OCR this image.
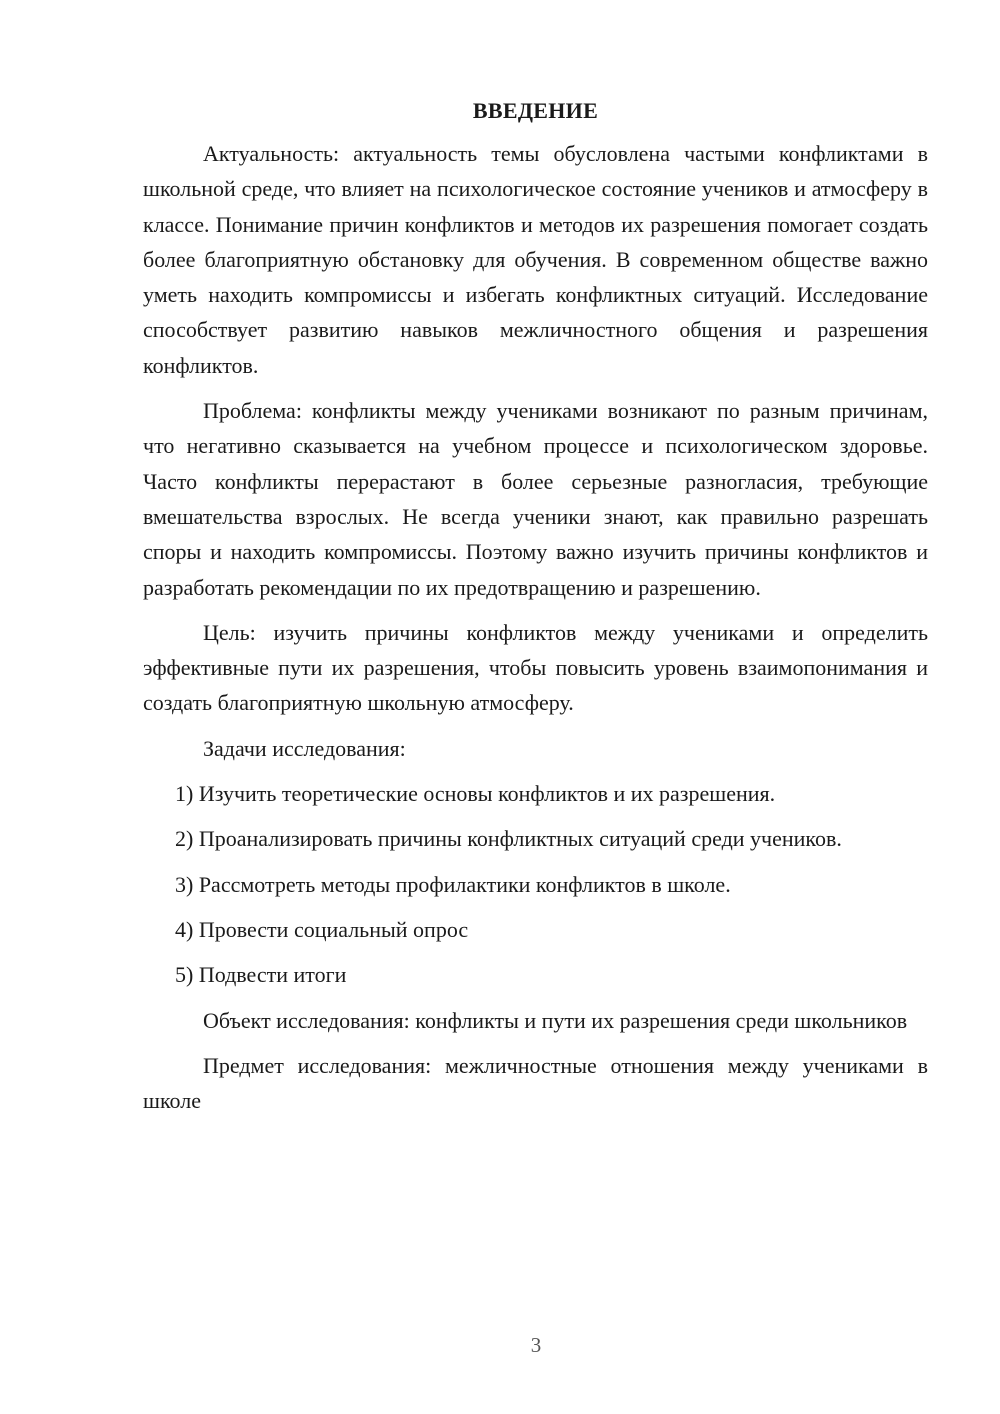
ВВЕДЕНИЕ

Актуальность: актуальность темы обусловлена частыми конфликтами в школьной среде, что влияет на психологическое состояние учеников и атмосферу в классе. Понимание причин конфликтов и методов их разрешения помогает создать более благоприятную обстановку для обучения. В современном обществе важно уметь находить компромиссы и избегать конфликтных ситуаций. Исследование способствует развитию навыков межличностного общения и разрешения конфликтов.

Проблема: конфликты между учениками возникают по разным причинам, что негативно сказывается на учебном процессе и психологическом здоровье. Часто конфликты перерастают в более серьезные разногласия, требующие вмешательства взрослых. Не всегда ученики знают, как правильно разрешать споры и находить компромиссы. Поэтому важно изучить причины конфликтов и разработать рекомендации по их предотвращению и разрешению.

Цель: изучить причины конфликтов между учениками и определить эффективные пути их разрешения, чтобы повысить уровень взаимопонимания и создать благоприятную школьную атмосферу.

Задачи исследования:

1) Изучить теоретические основы конфликтов и их разрешения.

2) Проанализировать причины конфликтных ситуаций среди учеников.

3) Рассмотреть методы профилактики конфликтов в школе.

4) Провести социальный опрос

5) Подвести итоги

Объект исследования: конфликты и пути их разрешения среди школьников

Предмет исследования: межличностные отношения между учениками в школе

3
